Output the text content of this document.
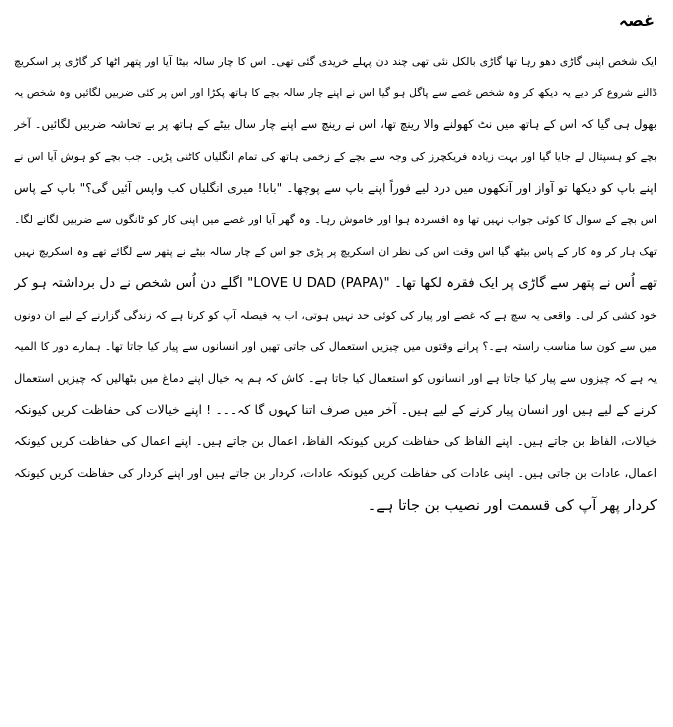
غصہ

ایک شخص اپنی گاڑی دھو رہا تھا گاڑی بالکل نئی تھی چند دن پہلے خریدی گئی تھی۔ اس کا چار سالہ بیٹا آیا اور پتھر اٹھا کر گاڑی پر اسکریچ

ڈالنے شروع کر دیے یہ دیکھ کر وہ شخص غصے سے پاگل ہو گیا اس نے اپنے چار سالہ بچے کا ہاتھ پکڑا اور اس پر کئی ضربیں لگائیں وہ شخص یہ

بھول ہی گیا کہ اس کے ہاتھ میں نٹ کھولنے والا رینچ تھا، اس نے رینچ سے اپنے چار سال بیٹے کے ہاتھ پر بے تحاشہ ضربیں لگائیں۔ آخر

بچے کو ہسپتال لے جایا گیا اور بہت زیادہ فریکچرز کی وجہ سے بچے کے زخمی ہاتھ کی تمام انگلیاں کاٹنی پڑیں۔ جب بچے کو ہوش آیا اس نے

اپنے باپ کو دیکھا تو آواز اور آنکھوں میں درد لیے فوراً اپنے باپ سے پوچھا۔ "بابا! میری انگلیاں کب واپس آئیں گی؟" باپ کے پاس

اس بچے کے سوال کا کوئی جواب نہیں تھا وہ افسردہ ہوا اور خاموش رہا۔ وہ گھر آیا اور غصے میں اپنی کار کو ٹانگوں سے ضربیں لگانے لگا۔

تھک ہار کر وہ کار کے پاس بیٹھ گیا اس وقت اس کی نظر ان اسکریچ پر پڑی جو اس کے چار سالہ بیٹے نے پتھر سے لگائے تھے وہ اسکریچ نہیں

تھے اُس نے پتھر سے گاڑی پر ایک فقرہ لکھا تھا۔ "LOVE U DAD (PAPA)" اگلے دن اُس شخص نے دل برداشتہ ہو کر

خود کشی کر لی۔ واقعی یہ سچ ہے کہ غصے اور پیار کی کوئی حد نہیں ہوتی، اب یہ فیصلہ آپ کو کرنا ہے کہ زندگی گزارنے کے لیے ان دونوں

میں سے کون سا مناسب راستہ ہے۔؟ پرانے وقتوں میں چیزیں استعمال کی جاتی تھیں اور انسانوں سے پیار کیا جاتا تھا۔ ہمارے دور کا المیہ

یہ ہے کہ چیزوں سے پیار کیا جاتا ہے اور انسانوں کو استعمال کیا جاتا ہے۔ کاش کہ ہم یہ خیال اپنے دماغ میں بٹھالیں کہ چیزیں استعمال

کرنے کے لیے ہیں اور انسان پیار کرنے کے لیے ہیں۔ آخر میں صرف اتنا کہوں گا کہ۔۔۔ ! اپنے خیالات کی حفاظت کریں کیونکہ

خیالات، الفاظ بن جاتے ہیں۔ اپنے الفاظ کی حفاظت کریں کیونکہ الفاظ، اعمال بن جاتے ہیں۔ اپنے اعمال کی حفاظت کریں کیونکہ

اعمال، عادات بن جاتی ہیں۔ اپنی عادات کی حفاظت کریں کیونکہ عادات، کردار بن جاتے ہیں اور اپنے کردار کی حفاظت کریں کیونکہ

کردار پھر آپ کی قسمت اور نصیب بن جاتا ہے۔
